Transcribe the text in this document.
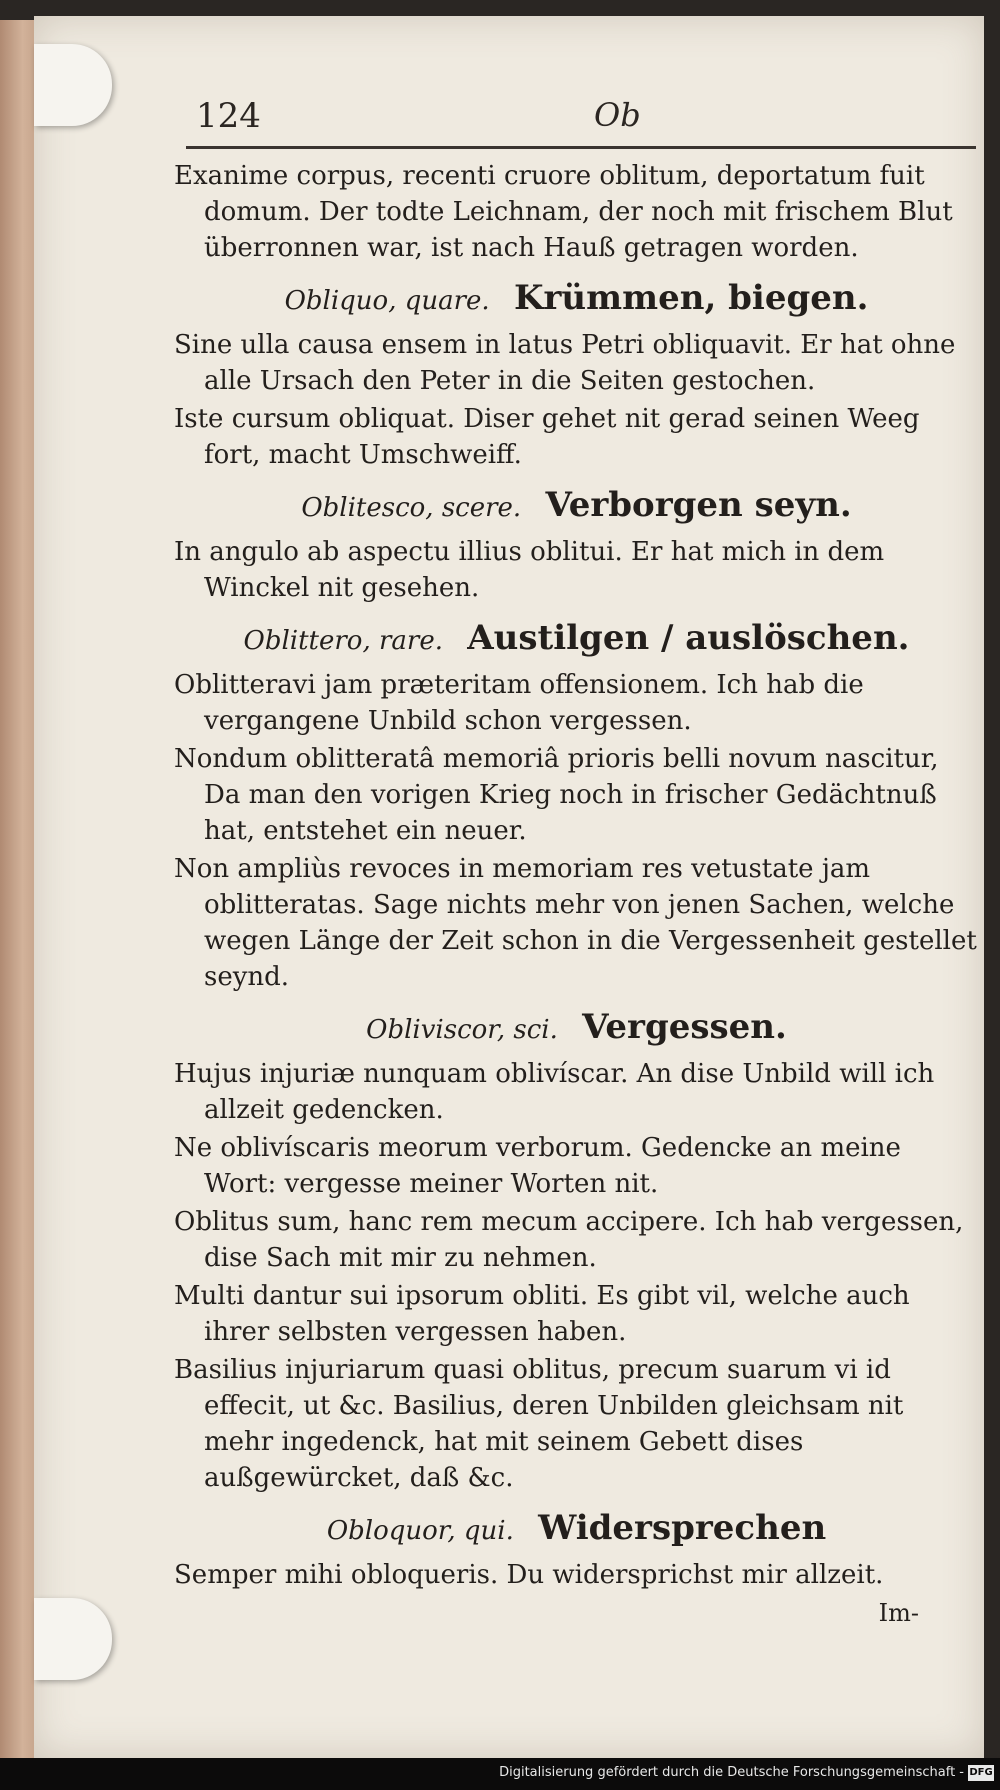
124	Ob

Exanime corpus, recenti cruore oblitum, deportatum fuit domum. Der todte Leichnam, der noch mit frischem Blut überronnen war, ist nach Hauß getragen worden.

Obliquo, quare. Krümmen, biegen.

Sine ulla causa ensem in latus Petri obliquavit. Er hat ohne alle Ursach den Peter in die Seiten gestochen.

Iste cursum obliquat. Diser gehet nit gerad seinen Weeg fort, macht Umschweiff.

Oblitesco, scere. Verborgen seyn.

In angulo ab aspectu illius oblitui. Er hat mich in dem Winckel nit gesehen.

Oblittero, rare. Austilgen / auslöschen.

Oblitteravi jam præteritam offensionem. Ich hab die vergangene Unbild schon vergessen.

Nondum oblitteratâ memoriâ prioris belli novum nascitur, Da man den vorigen Krieg noch in frischer Gedächtnuß hat, entstehet ein neuer.

Non ampliùs revoces in memoriam res vetustate jam oblitteratas. Sage nichts mehr von jenen Sachen, welche wegen Länge der Zeit schon in die Vergessenheit gestellet seynd.

Obliviscor, sci. Vergessen.

Hujus injuriæ nunquam oblivíscar. An dise Unbild will ich allzeit gedencken.

Ne oblivíscaris meorum verborum. Gedencke an meine Wort: vergesse meiner Worten nit.

Oblitus sum, hanc rem mecum accipere. Ich hab vergessen, dise Sach mit mir zu nehmen.

Multi dantur sui ipsorum obliti. Es gibt vil, welche auch ihrer selbsten vergessen haben.

Basilius injuriarum quasi oblitus, precum suarum vi id effecit, ut &c. Basilius, deren Unbilden gleichsam nit mehr ingedenck, hat mit seinem Gebett dises außgewürcket, daß &c.

Obloquor, qui. Widersprechen

Semper mihi obloqueris. Du widersprichst mir allzeit.

Im-
Digitalisierung gefördert durch die Deutsche Forschungsgemeinschaft - DFG
